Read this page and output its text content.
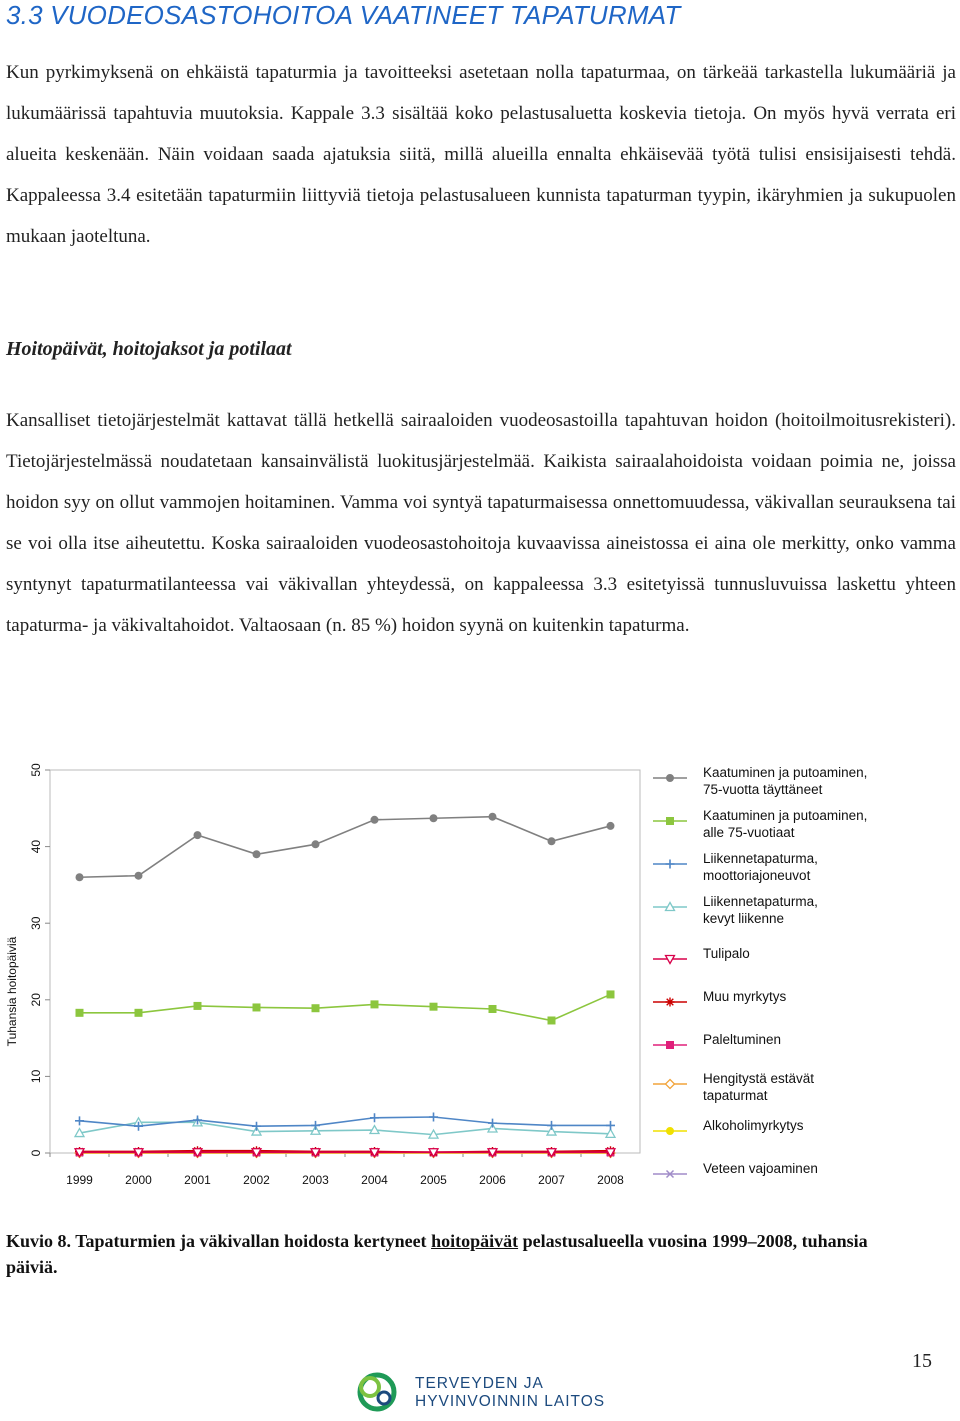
3.3 VUODEOSASTOHOITOA VAATINEET TAPATURMAT

Kun pyrkimyksenä on ehkäistä tapaturmia ja tavoitteeksi asetetaan nolla tapaturmaa, on tärkeää tarkastella lukumääriä ja lukumäärissä tapahtuvia muutoksia. Kappale 3.3 sisältää koko pelastusaluetta koskevia tietoja. On myös hyvä verrata eri alueita keskenään. Näin voidaan saada ajatuksia siitä, millä alueilla ennalta ehkäisevää työtä tulisi ensisijaisesti tehdä. Kappaleessa 3.4 esitetään tapaturmiin liittyviä tietoja pelastusalueen kunnista tapaturman tyypin, ikäryhmien ja sukupuolen mukaan jaoteltuna.

Hoitopäivät, hoitojaksot ja potilaat

Kansalliset tietojärjestelmät kattavat tällä hetkellä sairaaloiden vuodeosastoilla tapahtuvan hoidon (hoitoilmoitusrekisteri). Tietojärjestelmässä noudatetaan kansainvälistä luokitusjärjestelmää. Kaikista sairaalahoidoista voidaan poimia ne, joissa hoidon syy on ollut vammojen hoitaminen. Vamma voi syntyä tapaturmaisessa onnettomuudessa, väkivallan seurauksena tai se voi olla itse aiheutettu. Koska sairaaloiden vuodeosastohoitoja kuvaavissa aineistossa ei aina ole merkitty, onko vamma syntynyt tapaturmatilanteessa vai väkivallan yhteydessä, on kappaleessa 3.3 esitetyissä tunnusluvuissa laskettu yhteen tapaturma- ja väkivaltahoidot. Valtaosaan (n. 85 %) hoidon syynä on kuitenkin tapaturma.

0
10
20
30
40
50
Tuhansia hoitopäiviä
1999	2000	2001	2002	2003	2004	2005	2006	2007	2008
Kaatuminen ja putoaminen,
75-vuotta täyttäneet
Kaatuminen ja putoaminen,
alle 75-vuotiaat
Liikennetapaturma,
moottoriajoneuvot
Liikennetapaturma,
kevyt liikenne
Tulipalo
Muu myrkytys
Paleltuminen
Hengitystä estävät
tapaturmat
Alkoholimyrkytys
Veteen vajoaminen

Kuvio 8. Tapaturmien ja väkivallan hoidosta kertyneet hoitopäivät pelastusalueella vuosina 1999–2008, tuhansia päiviä.

15
TERVEYDEN JA
HYVINVOINNIN LAITOS
